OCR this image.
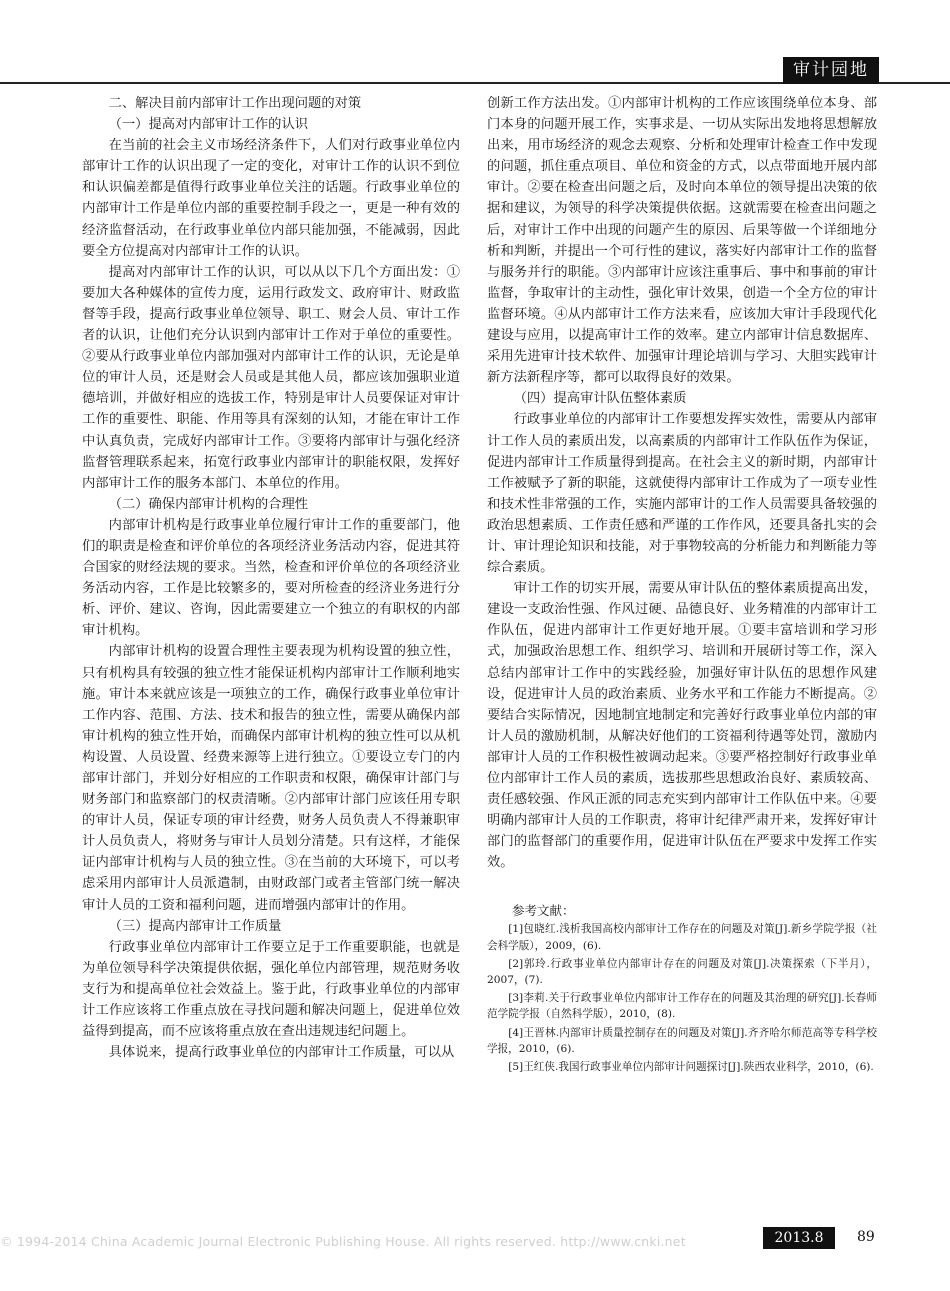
审计园地
二、解决目前内部审计工作出现问题的对策
（一）提高对内部审计工作的认识

在当前的社会主义市场经济条件下，人们对行政事业单位内部审计工作的认识出现了一定的变化，对审计工作的认识不到位和认识偏差都是值得行政事业单位关注的话题。行政事业单位的内部审计工作是单位内部的重要控制手段之一，更是一种有效的经济监督活动，在行政事业单位内部只能加强，不能减弱，因此要全方位提高对内部审计工作的认识。

提高对内部审计工作的认识，可以从以下几个方面出发：①要加大各种媒体的宣传力度，运用行政发文、政府审计、财政监督等手段，提高行政事业单位领导、职工、财会人员、审计工作者的认识，让他们充分认识到内部审计工作对于单位的重要性。②要从行政事业单位内部加强对内部审计工作的认识，无论是单位的审计人员，还是财会人员或是其他人员，都应该加强职业道德培训，并做好相应的选拔工作，特别是审计人员要保证对审计工作的重要性、职能、作用等具有深刻的认知，才能在审计工作中认真负责，完成好内部审计工作。③要将内部审计与强化经济监督管理联系起来，拓宽行政事业内部审计的职能权限，发挥好内部审计工作的服务本部门、本单位的作用。

（二）确保内部审计机构的合理性

内部审计机构是行政事业单位履行审计工作的重要部门，他们的职责是检查和评价单位的各项经济业务活动内容，促进其符合国家的财经法规的要求。当然，检查和评价单位的各项经济业务活动内容，工作是比较繁多的，要对所检查的经济业务进行分析、评价、建议、咨询，因此需要建立一个独立的有职权的内部审计机构。

内部审计机构的设置合理性主要表现为机构设置的独立性，只有机构具有较强的独立性才能保证机构内部审计工作顺利地实施。审计本来就应该是一项独立的工作，确保行政事业单位审计工作内容、范围、方法、技术和报告的独立性，需要从确保内部审计机构的独立性开始，而确保内部审计机构的独立性可以从机构设置、人员设置、经费来源等上进行独立。①要设立专门的内部审计部门，并划分好相应的工作职责和权限，确保审计部门与财务部门和监察部门的权责清晰。②内部审计部门应该任用专职的审计人员，保证专项的审计经费，财务人员负责人不得兼职审计人员负责人，将财务与审计人员划分清楚。只有这样，才能保证内部审计机构与人员的独立性。③在当前的大环境下，可以考虑采用内部审计人员派遣制，由财政部门或者主管部门统一解决审计人员的工资和福利问题，进而增强内部审计的作用。

（三）提高内部审计工作质量

行政事业单位内部审计工作要立足于工作重要职能，也就是为单位领导科学决策提供依据，强化单位内部管理，规范财务收支行为和提高单位社会效益上。鉴于此，行政事业单位的内部审计工作应该将工作重点放在寻找问题和解决问题上，促进单位效益得到提高，而不应该将重点放在查出违规违纪问题上。

具体说来，提高行政事业单位的内部审计工作质量，可以从

创新工作方法出发。①内部审计机构的工作应该围绕单位本身、部门本身的问题开展工作，实事求是、一切从实际出发地将思想解放出来，用市场经济的观念去观察、分析和处理审计检查工作中发现的问题，抓住重点项目、单位和资金的方式，以点带面地开展内部审计。②要在检查出问题之后，及时向本单位的领导提出决策的依据和建议，为领导的科学决策提供依据。这就需要在检查出问题之后，对审计工作中出现的问题产生的原因、后果等做一个详细地分析和判断，并提出一个可行性的建议，落实好内部审计工作的监督与服务并行的职能。③内部审计应该注重事后、事中和事前的审计监督，争取审计的主动性，强化审计效果，创造一个全方位的审计监督环境。④从内部审计工作方法来看，应该加大审计手段现代化建设与应用，以提高审计工作的效率。建立内部审计信息数据库、采用先进审计技术软件、加强审计理论培训与学习、大胆实践审计新方法新程序等，都可以取得良好的效果。

（四）提高审计队伍整体素质

行政事业单位的内部审计工作要想发挥实效性，需要从内部审计工作人员的素质出发，以高素质的内部审计工作队伍作为保证，促进内部审计工作质量得到提高。在社会主义的新时期，内部审计工作被赋予了新的职能，这就使得内部审计工作成为了一项专业性和技术性非常强的工作，实施内部审计的工作人员需要具备较强的政治思想素质、工作责任感和严谨的工作作风，还要具备扎实的会计、审计理论知识和技能，对于事物较高的分析能力和判断能力等综合素质。

审计工作的切实开展，需要从审计队伍的整体素质提高出发，建设一支政治性强、作风过硬、品德良好、业务精准的内部审计工作队伍，促进内部审计工作更好地开展。①要丰富培训和学习形式，加强政治思想工作、组织学习、培训和开展研讨等工作，深入总结内部审计工作中的实践经验，加强好审计队伍的思想作风建设，促进审计人员的政治素质、业务水平和工作能力不断提高。②要结合实际情况，因地制宜地制定和完善好行政事业单位内部的审计人员的激励机制，从解决好他们的工资福利待遇等处罚，激励内部审计人员的工作积极性被调动起来。③要严格控制好行政事业单位内部审计工作人员的素质，选拔那些思想政治良好、素质较高、责任感较强、作风正派的同志充实到内部审计工作队伍中来。④要明确内部审计人员的工作职责，将审计纪律严肃开来，发挥好审计部门的监督部门的重要作用，促进审计队伍在严要求中发挥工作实效。

参考文献：

[1]包晓红.浅析我国高校内部审计工作存在的问题及对策[J].新乡学院学报（社会科学版），2009，(6).

[2]郭玲.行政事业单位内部审计存在的问题及对策[J].决策探索（下半月），2007，(7).

[3]李莉.关于行政事业单位内部审计工作存在的问题及其治理的研究[J].长春师范学院学报（自然科学版），2010，(8).

[4]王晋林.内部审计质量控制存在的问题及对策[J].齐齐哈尔师范高等专科学校学报，2010，(6).

[5]王红侠.我国行政事业单位内部审计问题探讨[J].陕西农业科学，2010，(6).

© 1994-2014 China Academic Journal Electronic Publishing House. All rights reserved. http://www.cnki.net	2013.8（下）
89
